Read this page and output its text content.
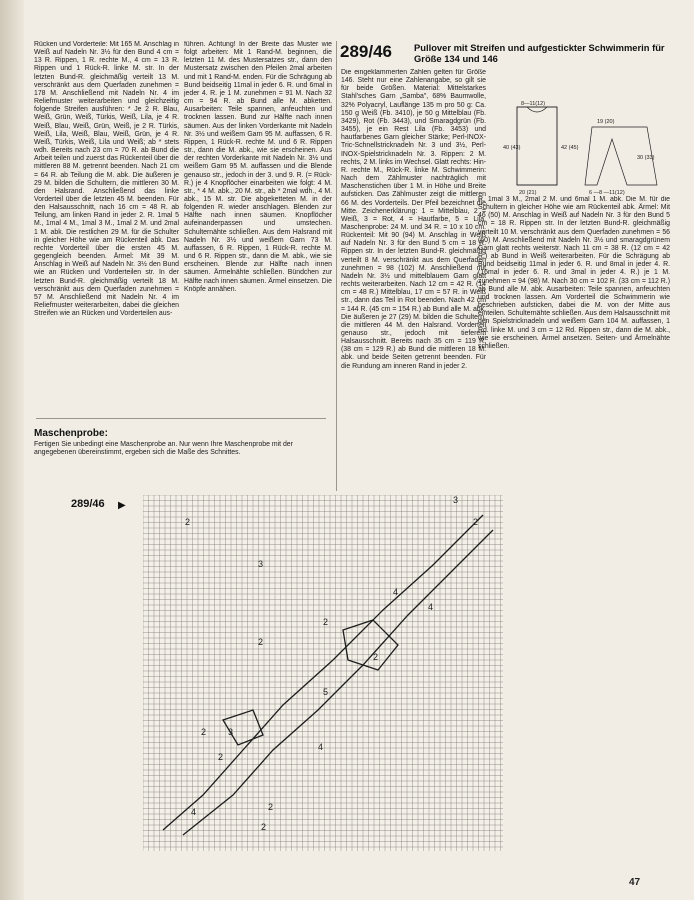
Rücken und Vorderteile: Mit 165 M. Anschlag in Weiß auf Nadeln Nr. 3½ für den Bund 4 cm = 13 R. Rippen, 1 R. rechte M., 4 cm = 13 R. Rippen und 1 Rück-R. linke M. str. In der letzten Bund-R. gleichmäßig verteilt 13 M. verschränkt aus dem Querfaden zunehmen = 178 M. Anschließend mit Nadeln Nr. 4 im Reliefmuster weiterarbeiten und gleichzeitig folgende Streifen ausführen: * Je 2 R. Blau, Weiß, Grün, Weiß, Türkis, Weiß, Lila, je 4 R. Weiß, Blau, Weiß, Grün, Weiß, je 2 R. Türkis, Weiß, Lila, Weiß, Blau, Weiß, Grün, je 4 R. Weiß, Türkis, Weiß, Lila und Weiß; ab * stets wdh. Bereits nach 23 cm = 70 R. ab Bund die Arbeit teilen und zuerst das Rückenteil über die mittleren 88 M. getrennt beenden. Nach 21 cm = 64 R. ab Teilung die M. abk. Die äußeren je 29 M. bilden die Schultern, die mittleren 30 M. den Halsrand. Anschließend das linke Vorderteil über die letzten 45 M. beenden. Für den Halsausschnitt, nach 16 cm = 48 R. ab Teilung, am linken Rand in jeder 2. R. 1mal 5 M., 1mal 4 M., 1mal 3 M., 1mal 2 M. und 2mal 1 M. abk. Die restlichen 29 M. für die Schulter in gleicher Höhe wie am Rückenteil abk. Das rechte Vorderteil über die ersten 45 M. gegengleich beenden. Ärmel: Mit 39 M. Anschlag in Weiß auf Nadeln Nr. 3½ den Bund wie an Rücken und Vorderteilen str. In der letzten Bund-R. gleichmäßig verteilt 18 M. verschränkt aus dem Querfaden zunehmen = 57 M. Anschließend mit Nadeln Nr. 4 im Reliefmuster weiterarbeiten, dabei die gleichen Streifen wie an Rücken und Vorderteilen aus-

führen. Achtung! In der Breite das Muster wie folgt arbeiten: Mit 1 Rand-M. beginnen, die letzten 11 M. des Mustersatzes str., dann den Mustersatz zwischen den Pfeilen 2mal arbeiten und mit 1 Rand-M. enden. Für die Schrägung ab Bund beidseitig 11mal in jeder 6. R. und 6mal in jeder 4. R. je 1 M. zunehmen = 91 M. Nach 32 cm = 94 R. ab Bund alle M. abketten. Ausarbeiten: Teile spannen, anfeuchten und trocknen lassen. Bund zur Hälfte nach innen säumen. Aus der linken Vorderkante mit Nadeln Nr. 3½ und weißem Garn 95 M. auffassen, 6 R. Rippen, 1 Rück-R. rechte M. und 6 R. Rippen str., dann die M. abk., wie sie erscheinen. Aus der rechten Vorderkante mit Nadeln Nr. 3½ und weißem Garn 95 M. auffassen und die Blende genauso str., jedoch in der 3. und 9. R. (= Rück-R.) je 4 Knopflöcher einarbeiten wie folgt: 4 M. str., * 4 M. abk., 20 M. str., ab * 2mal wdh., 4 M. abk., 15 M. str. Die abgeketteten M. in der folgenden R. wieder anschlagen. Blenden zur Hälfte nach innen säumen. Knopflöcher aufeinanderpassen und umstechen. Schulternähte schließen. Aus dem Halsrand mit Nadeln Nr. 3½ und weißem Garn 73 M. auffassen, 6 R. Rippen, 1 Rück-R. rechte M. und 6 R. Rippen str., dann die M. abk., wie sie erscheinen. Blende zur Hälfte nach innen säumen. Ärmelnähte schließen. Bündchen zur Hälfte nach innen säumen. Ärmel einsetzen. Die Knöpfe annähen.

289/46 Pullover mit Streifen und aufgestickter Schwimmerin für Größe 134 und 146

Die eingeklammerten Zahlen gelten für Größe 146. Steht nur eine Zahlenangabe, so gilt sie für beide Größen. Material: Mittelstarkes Stahl'sches Garn „Samba", 68% Baumwolle, 32% Polyacryl, Lauflänge 135 m pro 50 g: Ca. 150 g Weiß (Fb. 3410), je 50 g Mittelblau (Fb. 3429), Rot (Fb. 3443), und Smaragdgrün (Fb. 3455), je ein Rest Lila (Fb. 3453) und hautfarbenes Garn gleicher Stärke; Perl-INOX-Tric-Schnellstricknadeln Nr. 3 und 3½, Perl-INOX-Spielstricknadeln Nr. 3. Rippen: 2 M. rechts, 2 M. links im Wechsel. Glatt rechts: Hin-R. rechte M., Rück-R. linke M. Schwimmerin: Nach dem Zählmuster nachträglich mit Maschenstichen über 1 M. in Höhe und Breite aufsticken. Das Zählmuster zeigt die mittleren 66 M. des Vorderteils. Der Pfeil bezeichnet die Mitte. Zeichenerklärung: 1 = Mittelblau, 2 = Weiß, 3 = Rot, 4 = Hautfarbe, 5 = Lila. Maschenprobe: 24 M. und 34 R. = 10 x 10 cm. Rückenteil: Mit 90 (94) M. Anschlag in Weiß auf Nadeln Nr. 3 für den Bund 5 cm = 18 R. Rippen str. In der letzten Bund-R. gleichmäßig verteilt 8 M. verschränkt aus dem Querfaden zunehmen = 98 (102) M. Anschließend mit Nadeln Nr. 3½ und mittelblauem Garn glatt rechts weiterarbeiten. Nach 12 cm = 42 R. (14 cm = 48 R.) Mittelblau, 17 cm = 57 R. in Weiß str., dann das Teil in Rot beenden. Nach 42 cm = 144 R. (45 cm = 154 R.) ab Bund alle M. abk. Die äußeren je 27 (29) M. bilden die Schultern, die mittleren 44 M. den Halsrand. Vorderteil genauso str., jedoch mit tieferem Halsausschnitt. Bereits nach 35 cm = 119 R. (38 cm = 129 R.) ab Bund die mittleren 18 M. abk. und beide Seiten getrennt beenden. Für die Rundung am inneren Rand in jeder 2.

8—11(12)
19 (20)
40 (43)	42 (45)
20 (21)	6 —8 —11(12)
30 (33)

R. 1mal 3 M., 2mal 2 M. und 6mal 1 M. abk. Die M. für die Schultern in gleicher Höhe wie am Rückenteil abk. Ärmel: Mit 46 (50) M. Anschlag in Weiß auf Nadeln Nr. 3 für den Bund 5 cm = 18 R. Rippen str. In der letzten Bund-R. gleichmäßig verteilt 10 M. verschränkt aus dem Querfaden zunehmen = 56 (60) M. Anschließend mit Nadeln Nr. 3½ und smaragdgrünem Garn glatt rechts weiterstr. Nach 11 cm = 38 R. (12 cm = 42 R.) ab Bund in Weiß weiterarbeiten. Für die Schrägung ab Bund beidseitig 11mal in jeder 6. R. und 8mal in jeder 4. R. (16mal in jeder 6. R. und 3mal in jeder 4. R.) je 1 M. zunehmen = 94 (98) M. Nach 30 cm = 102 R. (33 cm = 112 R.) ab Bund alle M. abk. Ausarbeiten: Teile spannen, anfeuchten und trocknen lassen. Am Vorderteil die Schwimmerin wie beschrieben aufsticken, dabei die M. von der Mitte aus einteilen. Schulternähte schließen. Aus dem Halsausschnitt mit den Spielstricknadeln und weißem Garn 104 M. auffassen, 1 Rd. linke M. und 3 cm = 12 Rd. Rippen str., dann die M. abk., wie sie erscheinen. Ärmel ansetzen. Seiten- und Ärmelnähte schließen.

Maschenprobe:
Fertigen Sie unbedingt eine Maschenprobe an. Nur wenn Ihre Maschenprobe mit der angegebenen übereinstimmt, ergeben sich die Maße des Schnittes.
289/46 ▶	3
2
3
2
4
2
5
3
2
4	2
2
2
4
2
4
2
47
